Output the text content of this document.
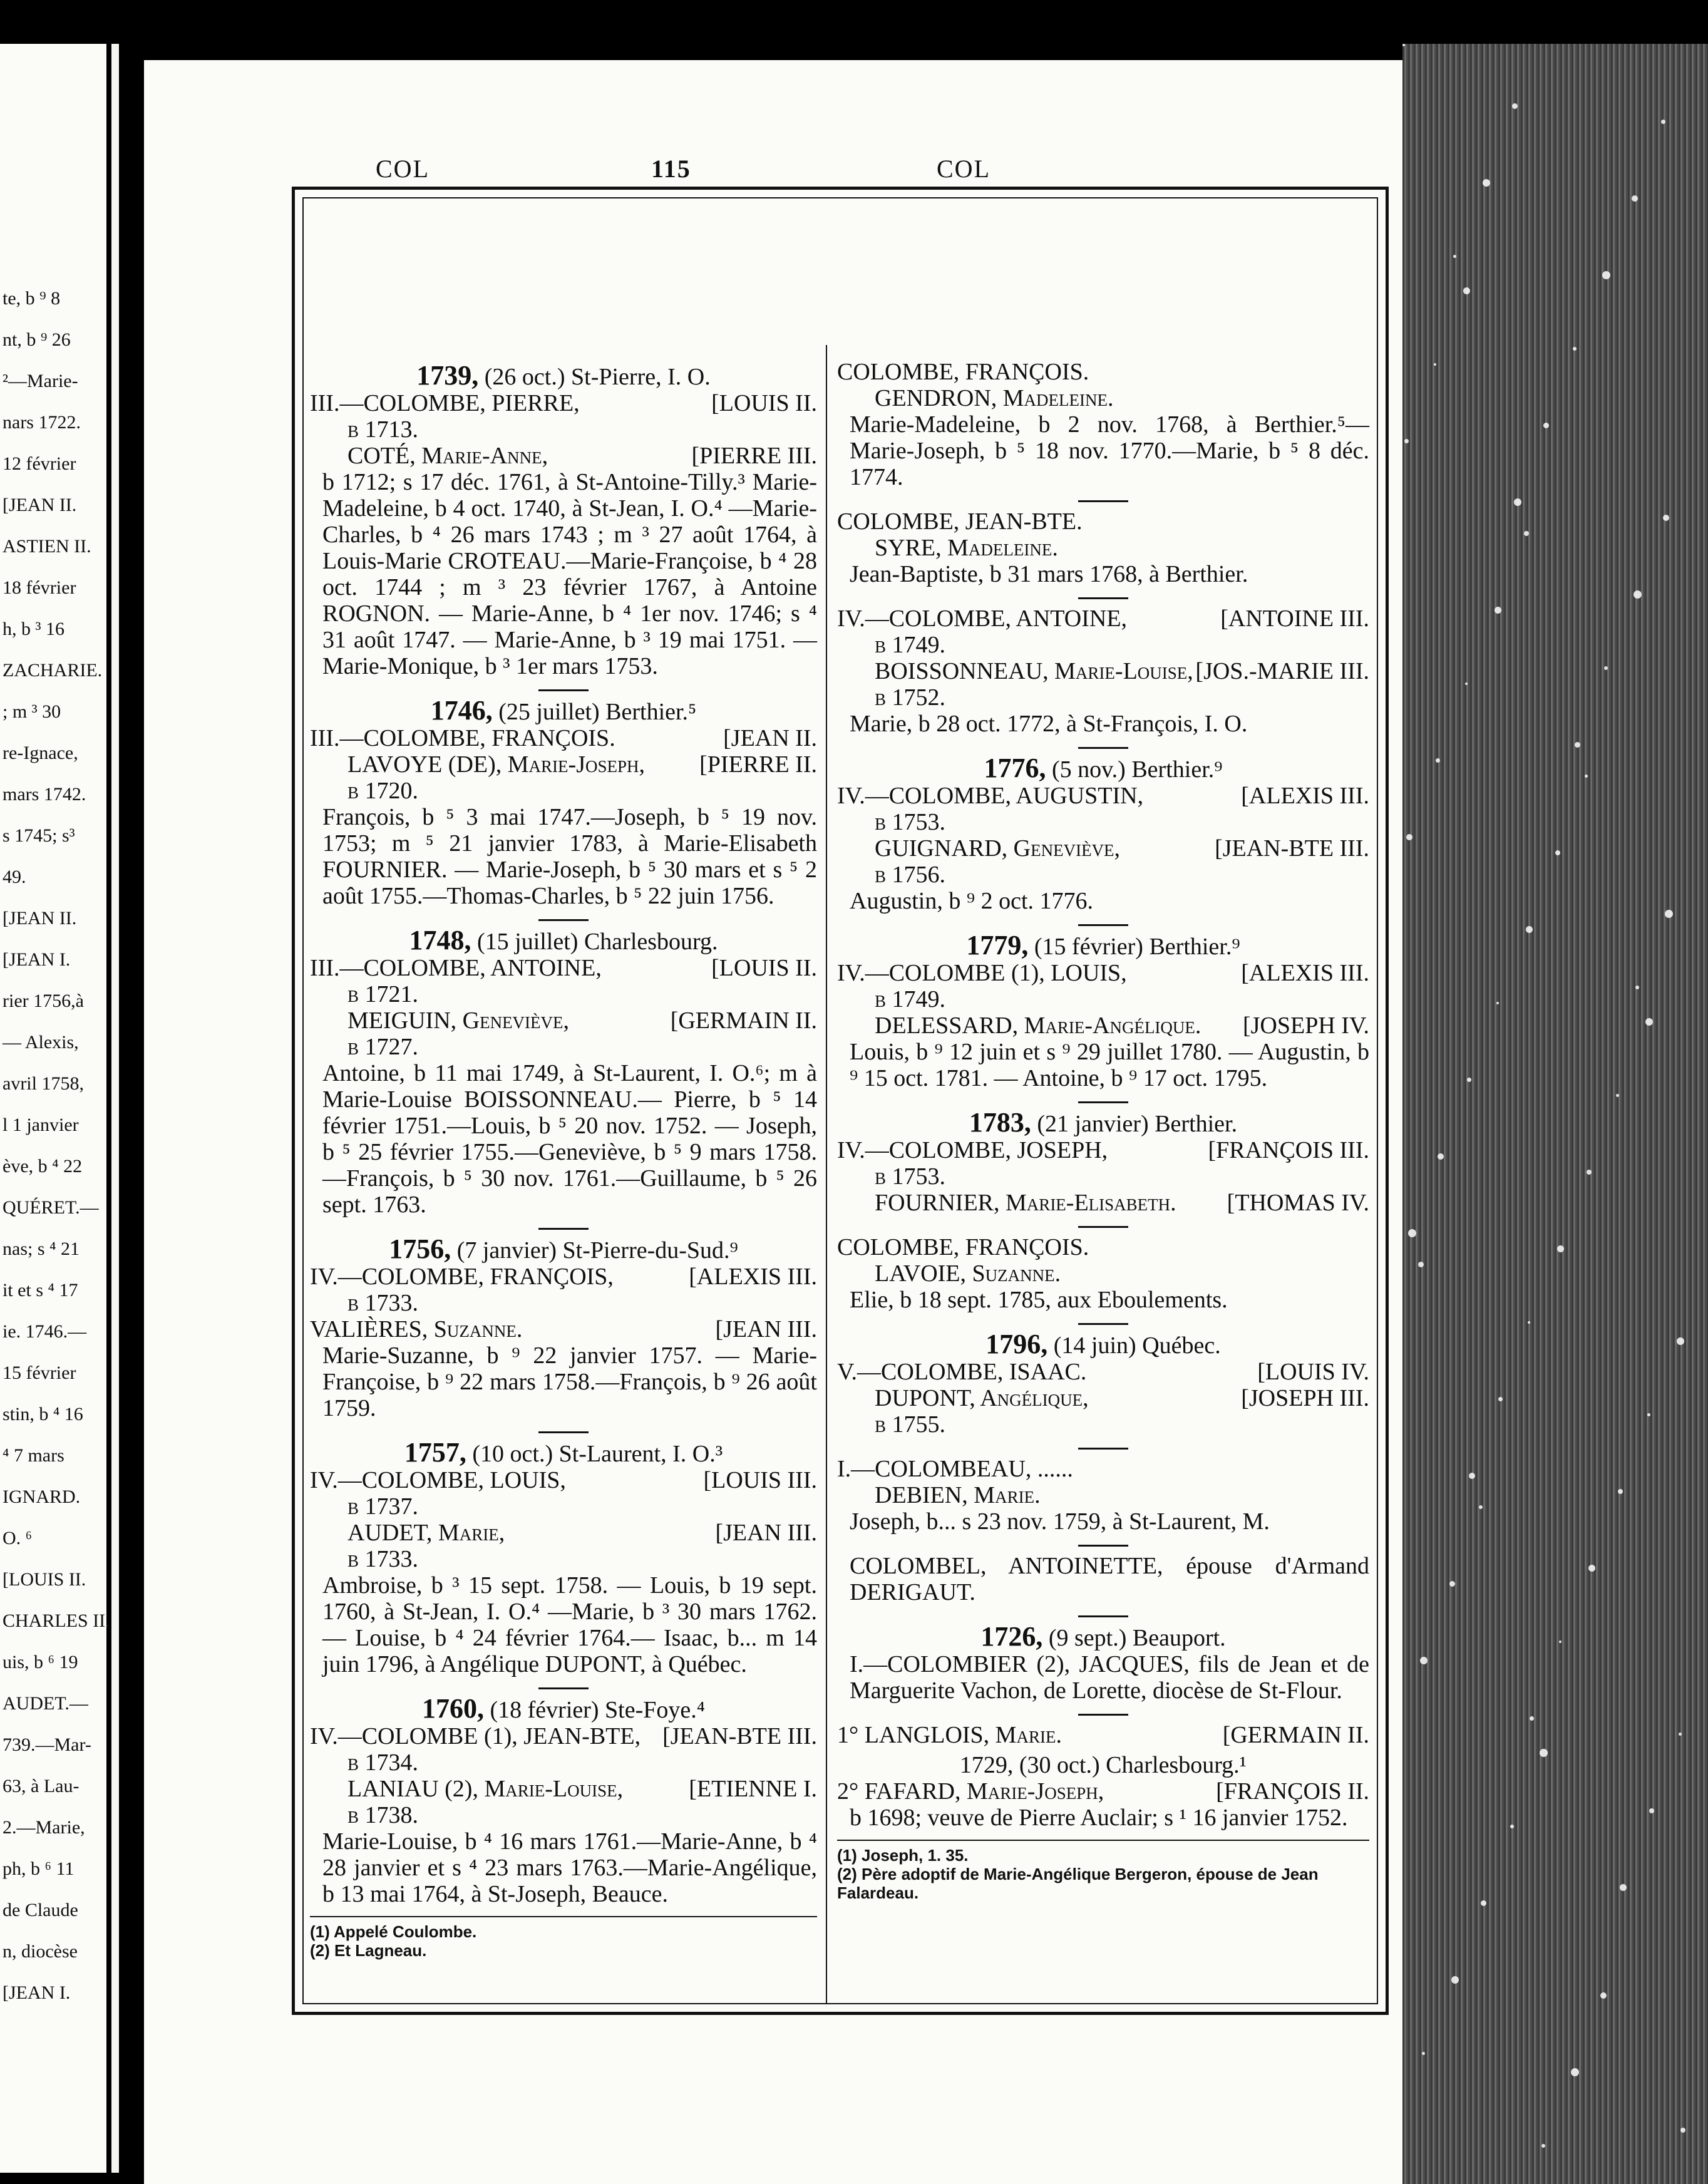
te, b ⁹ 8
nt, b ⁹ 26
²—Marie-
nars 1722.
12 février
[JEAN II.
ASTIEN II.
18 février
h, b ³ 16
ZACHARIE.
; m ³ 30
re-Ignace,
mars 1742.
s 1745; s³
49.
[JEAN II.
[JEAN I.
rier 1756,à
— Alexis,
avril 1758,
l 1 janvier
ève, b ⁴ 22
QUÉRET.—
nas; s ⁴ 21
it et s ⁴ 17
ie. 1746.—
15 février
stin, b ⁴ 16
⁴ 7 mars
IGNARD.
O. ⁶
[LOUIS II.
CHARLES II.
uis, b ⁶ 19
AUDET.—
739.—Mar-
63, à Lau-
2.—Marie,
ph, b ⁶ 11
de Claude
n, diocèse
[JEAN I.
COL	115	COL
1739, (26 oct.) St-Pierre, I. O.
III.—COLOMBE, PIERRE,	[LOUIS II.
b 1713.
COTÉ, Marie-Anne,	[PIERRE III.
b 1712; s 17 déc. 1761, à St-Antoine-Tilly.³ Marie-Madeleine, b 4 oct. 1740, à St-Jean, I. O.⁴ —Marie-Charles, b ⁴ 26 mars 1743 ; m ³ 27 août 1764, à Louis-Marie CROTEAU.—Marie-Françoise, b ⁴ 28 oct. 1744 ; m ³ 23 février 1767, à Antoine ROGNON. — Marie-Anne, b ⁴ 1er nov. 1746; s ⁴ 31 août 1747. — Marie-Anne, b ³ 19 mai 1751. — Marie-Monique, b ³ 1er mars 1753.
1746, (25 juillet) Berthier.⁵
III.—COLOMBE, FRANÇOIS.	[JEAN II.
LAVOYE (DE), Marie-Joseph, [PIERRE II.
b 1720.
François, b ⁵ 3 mai 1747.—Joseph, b ⁵ 19 nov. 1753; m ⁵ 21 janvier 1783, à Marie-Elisabeth FOURNIER. — Marie-Joseph, b ⁵ 30 mars et s ⁵ 2 août 1755.—Thomas-Charles, b ⁵ 22 juin 1756.
1748, (15 juillet) Charlesbourg.
III.—COLOMBE, ANTOINE,	[LOUIS II.
b 1721.
MEIGUIN, Geneviève,	[GERMAIN II.
b 1727.
Antoine, b 11 mai 1749, à St-Laurent, I. O.⁶; m à Marie-Louise BOISSONNEAU.— Pierre, b ⁵ 14 février 1751.—Louis, b ⁵ 20 nov. 1752. — Joseph, b ⁵ 25 février 1755.—Geneviève, b ⁵ 9 mars 1758. —François, b ⁵ 30 nov. 1761.—Guillaume, b ⁵ 26 sept. 1763.
1756, (7 janvier) St-Pierre-du-Sud.⁹
IV.—COLOMBE, FRANÇOIS,	[ALEXIS III.
b 1733.
VALIÈRES, Suzanne.	[JEAN III.
Marie-Suzanne, b ⁹ 22 janvier 1757. — Marie-Françoise, b ⁹ 22 mars 1758.—François, b ⁹ 26 août 1759.
1757, (10 oct.) St-Laurent, I. O.³
IV.—COLOMBE, LOUIS,	[LOUIS III.
b 1737.
AUDET, Marie,	[JEAN III.
b 1733.
Ambroise, b ³ 15 sept. 1758. — Louis, b 19 sept. 1760, à St-Jean, I. O.⁴ —Marie, b ³ 30 mars 1762. — Louise, b ⁴ 24 février 1764.— Isaac, b... m 14 juin 1796, à Angélique DUPONT, à Québec.
1760, (18 février) Ste-Foye.⁴
IV.—COLOMBE (1), JEAN-BTE, [JEAN-BTE III.
b 1734.
LANIAU (2), Marie-Louise,	[ETIENNE I.
b 1738.
Marie-Louise, b ⁴ 16 mars 1761.—Marie-Anne, b ⁴ 28 janvier et s ⁴ 23 mars 1763.—Marie-Angélique, b 13 mai 1764, à St-Joseph, Beauce.
(1) Appelé Coulombe.
(2) Et Lagneau.
COLOMBE, FRANÇOIS.
GENDRON, Madeleine.
Marie-Madeleine, b 2 nov. 1768, à Berthier.⁵— Marie-Joseph, b ⁵ 18 nov. 1770.—Marie, b ⁵ 8 déc. 1774.
COLOMBE, JEAN-BTE.
SYRE, Madeleine.
Jean-Baptiste, b 31 mars 1768, à Berthier.
IV.—COLOMBE, ANTOINE,	[ANTOINE III.
b 1749.
BOISSONNEAU, Marie-Louise, [JOS.-MARIE III.
b 1752.
Marie, b 28 oct. 1772, à St-François, I. O.
1776, (5 nov.) Berthier.⁹
IV.—COLOMBE, AUGUSTIN,	[ALEXIS III.
b 1753.
GUIGNARD, Geneviève,	[JEAN-BTE III.
b 1756.
Augustin, b ⁹ 2 oct. 1776.
1779, (15 février) Berthier.⁹
IV.—COLOMBE (1), LOUIS,	[ALEXIS III.
b 1749.
DELESSARD, Marie-Angélique. [JOSEPH IV.
Louis, b ⁹ 12 juin et s ⁹ 29 juillet 1780. — Augustin, b ⁹ 15 oct. 1781. — Antoine, b ⁹ 17 oct. 1795.
1783, (21 janvier) Berthier.
IV.—COLOMBE, JOSEPH,	[FRANÇOIS III.
b 1753.
FOURNIER, Marie-Elisabeth. [THOMAS IV.
COLOMBE, FRANÇOIS.
LAVOIE, Suzanne.
Elie, b 18 sept. 1785, aux Eboulements.
1796, (14 juin) Québec.
V.—COLOMBE, ISAAC.	[LOUIS IV.
DUPONT, Angélique,	[JOSEPH III.
b 1755.
I.—COLOMBEAU, ......
DEBIEN, Marie.
Joseph, b... s 23 nov. 1759, à St-Laurent, M.
COLOMBEL, ANTOINETTE, épouse d'Armand DERIGAUT.
1726, (9 sept.) Beauport.
I.—COLOMBIER (2), JACQUES, fils de Jean et de Marguerite Vachon, de Lorette, diocèse de St-Flour.
1° LANGLOIS, Marie.	[GERMAIN II.
1729, (30 oct.) Charlesbourg.¹
2° FAFARD, Marie-Joseph,	[FRANÇOIS II.
b 1698; veuve de Pierre Auclair; s ¹ 16 janvier 1752.
(1) Joseph, 1. 35.
(2) Père adoptif de Marie-Angélique Bergeron, épouse de Jean Falardeau.
